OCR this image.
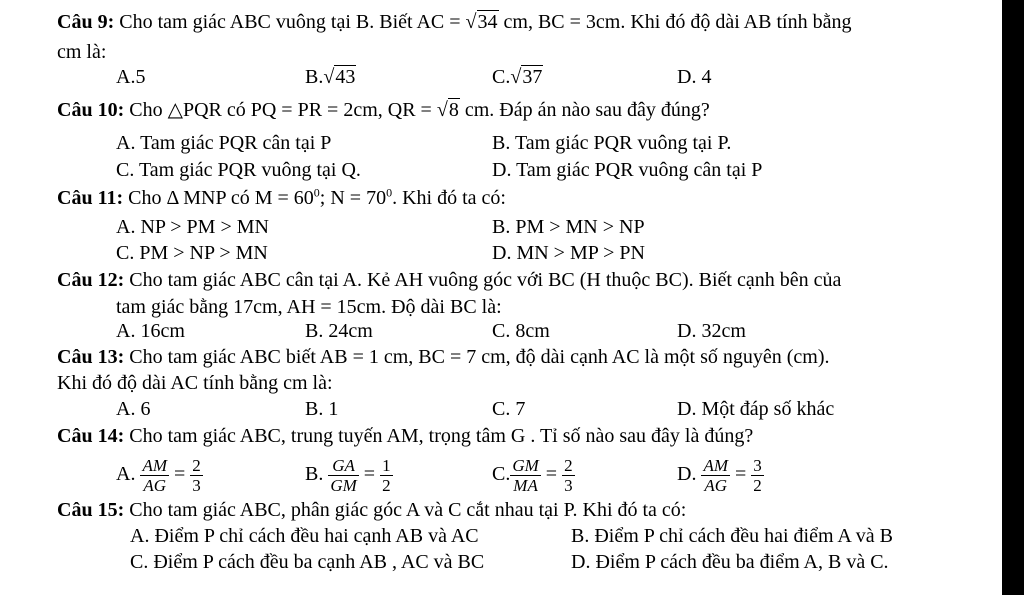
Câu 9: Cho tam giác ABC vuông tại B. Biết AC = √34 cm, BC = 3cm. Khi đó độ dài AB tính bằng
cm là:
A.5	B.√43	C.√37	D. 4
Câu 10: Cho △PQR có PQ = PR = 2cm, QR = √8 cm. Đáp án nào sau đây đúng?
A. Tam giác PQR cân tại P	B. Tam giác PQR vuông tại P.
C. Tam giác PQR vuông tại Q.	D. Tam giác PQR vuông cân tại P
Câu 11: Cho Δ MNP có $M = 60^0$; $N = 70^0$. Khi đó ta có:
A. NP > PM > MN	B. PM > MN > NP
C. PM > NP > MN	D. MN > MP > PN
Câu 12: Cho tam giác ABC cân tại A. Kẻ AH vuông góc với BC (H thuộc BC). Biết cạnh bên của
tam giác bằng 17cm, AH = 15cm. Độ dài BC là:
A. 16cm	B. 24cm	C. 8cm	D. 32cm
Câu 13: Cho tam giác ABC biết AB = 1 cm, BC = 7 cm, độ dài cạnh AC là một số nguyên (cm).
Khi đó độ dài AC tính bằng cm là:
A. 6	B. 1	C. 7	D. Một đáp số khác
Câu 14: Cho tam giác ABC, trung tuyến AM, trọng tâm G . Tỉ số nào sau đây là đúng?
A. $\frac{AM}{AG} = \frac{2}{3}$	B. $\frac{GA}{GM} = \frac{1}{2}$	C. $\frac{GM}{MA} = \frac{2}{3}$	D. $\frac{AM}{AG} = \frac{3}{2}$
Câu 15: Cho tam giác ABC, phân giác góc A và C cắt nhau tại P. Khi đó ta có:
A. Điểm P chỉ cách đều hai cạnh AB và AC	B. Điểm P chỉ cách đều hai điểm A và B
C. Điểm P cách đều ba cạnh AB , AC và BC	D. Điểm P cách đều ba điểm A, B và C.
